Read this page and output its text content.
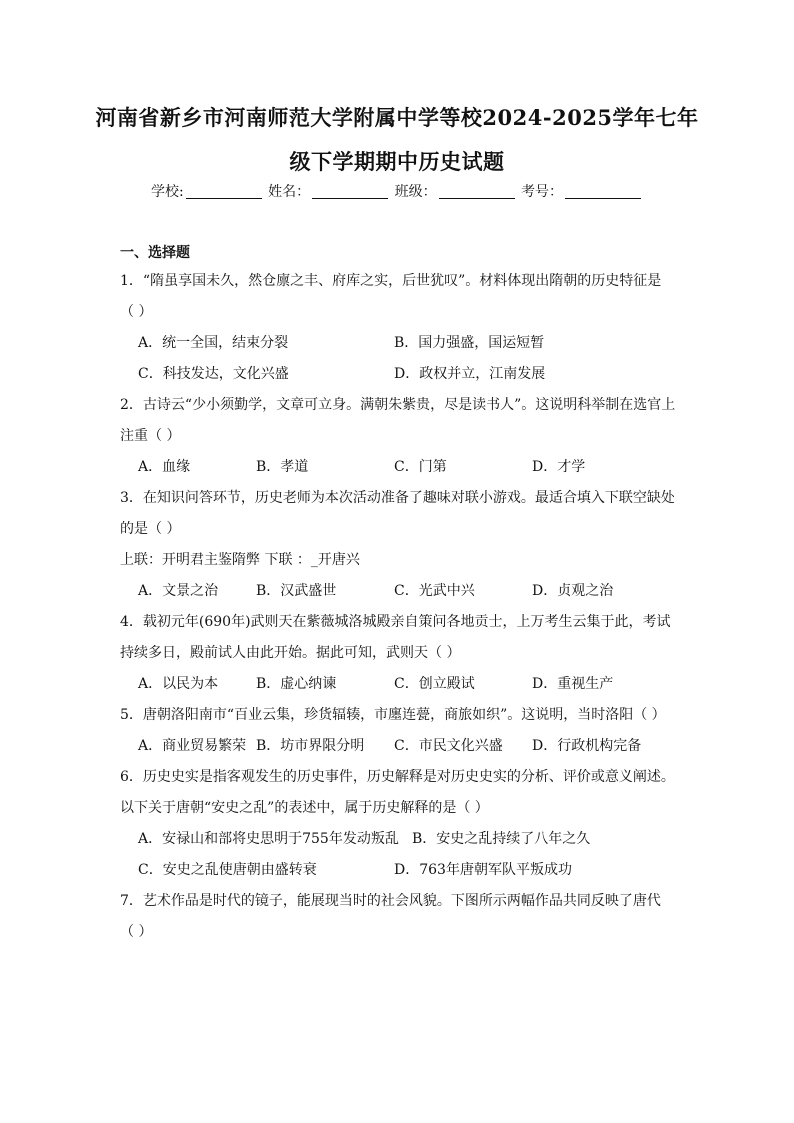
河南省新乡市河南师范大学附属中学等校2024-2025学年七年
级下学期期中历史试题
学校:	姓名：	班级：	考号：
一、选择题
1．“隋虽享国未久，然仓廪之丰、府库之实，后世犹叹”。材料体现出隋朝的历史特征是
（ ）
A．统一全国，结束分裂	B．国力强盛，国运短暂
C．科技发达，文化兴盛	D．政权并立，江南发展
2．古诗云“少小须勤学，文章可立身。满朝朱紫贵，尽是读书人”。这说明科举制在选官上
注重（ ）
A．血缘	B．孝道	C．门第	D．才学
3．在知识问答环节，历史老师为本次活动准备了趣味对联小游戏。最适合填入下联空缺处
的是（ ）
上联：开明君主鉴隋弊 下联 ：_开唐兴
A．文景之治	B．汉武盛世	C．光武中兴	D．贞观之治
4．载初元年(690年)武则天在紫薇城洛城殿亲自策问各地贡士，上万考生云集于此，考试
持续多日，殿前试人由此开始。据此可知，武则天（ ）
A．以民为本	B．虚心纳谏	C．创立殿试	D．重视生产
5．唐朝洛阳南市“百业云集，珍货辐辏，市廛连甍，商旅如织”。这说明，当时洛阳（ ）
A．商业贸易繁荣 B．坊市界限分明	C．市民文化兴盛	D．行政机构完备
6．历史史实是指客观发生的历史事件，历史解释是对历史史实的分析、评价或意义阐述。
以下关于唐朝“安史之乱”的表述中，属于历史解释的是（ ）
A．安禄山和部将史思明于755年发动叛乱 B．安史之乱持续了八年之久
C．安史之乱使唐朝由盛转衰	D．763年唐朝军队平叛成功
7．艺术作品是时代的镜子，能展现当时的社会风貌。下图所示两幅作品共同反映了唐代
（ ）
